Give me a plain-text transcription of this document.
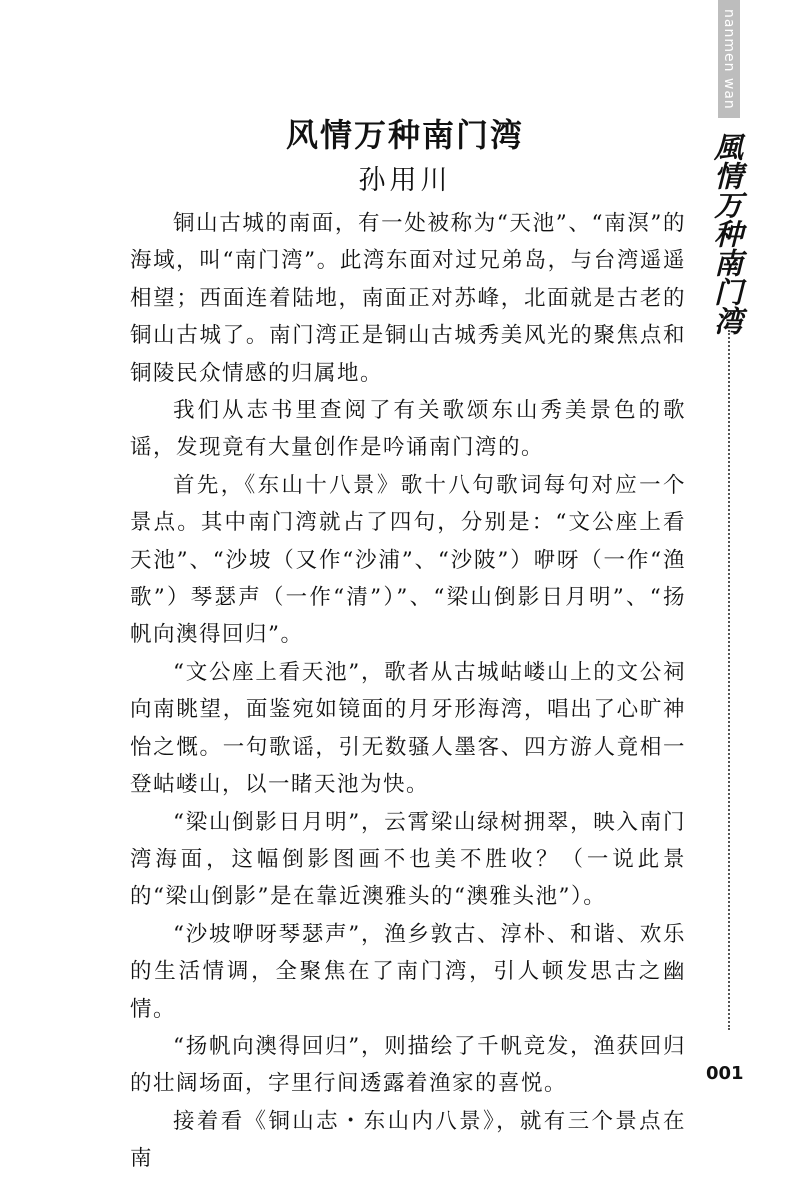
nanmen wan
風情万种南门湾
风情万种南门湾
孙用川

铜山古城的南面，有一处被称为“天池”、“南溟”的海域，叫“南门湾”。此湾东面对过兄弟岛，与台湾遥遥相望；西面连着陆地，南面正对苏峰，北面就是古老的铜山古城了。南门湾正是铜山古城秀美风光的聚焦点和铜陵民众情感的归属地。

我们从志书里查阅了有关歌颂东山秀美景色的歌谣，发现竟有大量创作是吟诵南门湾的。

首先，《东山十八景》歌十八句歌词每句对应一个景点。其中南门湾就占了四句，分别是：“文公座上看天池”、“沙坡（又作“沙浦”、“沙陂”）咿呀（一作“渔歌”）琴瑟声（一作“清”）”、“梁山倒影日月明”、“扬帆向澳得回归”。

“文公座上看天池”，歌者从古城岵嵝山上的文公祠向南眺望，面鉴宛如镜面的月牙形海湾，唱出了心旷神怡之慨。一句歌谣，引无数骚人墨客、四方游人竟相一登岵嵝山，以一睹天池为快。

“梁山倒影日月明”，云霄梁山绿树拥翠，映入南门湾海面，这幅倒影图画不也美不胜收？（一说此景的“梁山倒影”是在靠近澳雅头的“澳雅头池”）。

“沙坡咿呀琴瑟声”，渔乡敦古、淳朴、和谐、欢乐的生活情调，全聚焦在了南门湾，引人顿发思古之幽情。

“扬帆向澳得回归”，则描绘了千帆竞发，渔获回归的壮阔场面，字里行间透露着渔家的喜悦。

接着看《铜山志・东山内八景》，就有三个景点在南

001
